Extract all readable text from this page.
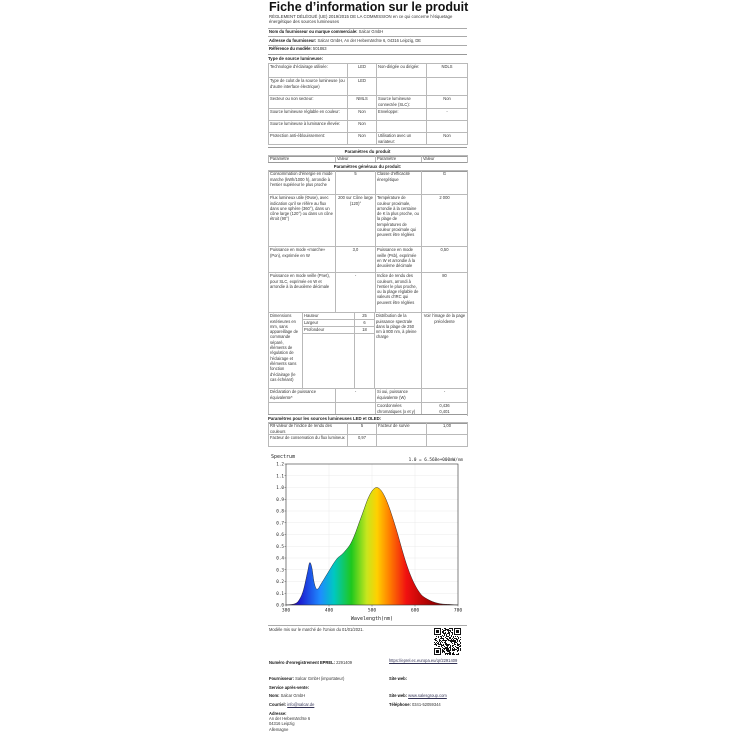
Fiche d’information sur le produit
RÈGLEMENT DÉLÉGUÉ (UE) 2019/2015 DE LA COMMISSION en ce qui concerne l’étiquetage énergétique des sources lumineuses
Nom du fournisseur ou marque commerciale: Salcar GmbH
Adresse du fournisseur: Salcar GmbH, An der Hebemärchte 6, 04316 Leipzig, DE
Référence du modèle: 501863
Type de source lumineuse:
Technologie d’éclairage utilisée:	LED	Non-dirigée ou dirigée:	NDLS
Type de culot de la source lumineuse (ou d’autre interface électrique)	LED		
Secteur ou non secteur:	NMLS	Source lumineuse connectée (SLC):	Non
Source lumineuse réglable en couleur:	Non	Enveloppe:	-
Source lumineuse à luminance élevée:	Non		
Protection anti-éblouissement:	Non	Utilisation avec un variateur:	Non
Paramètres du produit
Paramètre	Valeur	Paramètre	Valeur
Paramètres généraux du produit:
Consommation d’énergie en mode marche (kWh/1000 h), arrondie à l’entier supérieur le plus proche	5	Classe d’efficacité énergétique	G
Flux lumineux utile (Φuse), avec indication qu’il se réfère au flux dans une sphère (360°), dans un cône large (120°) ou dans un cône étroit (90°)	200 sur Cône large (120)°	Température de couleur proximale, arrondie à la centaine de K la plus proche, ou la plage de températures de couleur proximale qui peuvent être réglées	2 000
Puissance en mode «marche» (Pon), exprimée en W	3,0	Puissance en mode veille (Psb), exprimée en W et arrondie à la deuxième décimale	0,50
Puissance en mode veille (Pnet), pour SLC, exprimée en W et arrondie à la deuxième décimale	-	Indice de rendu des couleurs, arrondi à l’entier le plus proche, ou la plage réglable de valeurs d’IRC qui peuvent être réglées	80
Dimensions extérieures en mm, sans appareillage de commande séparé, éléments de régulation de l’éclairage et éléments sans fonction d’éclairage (le cas échéant)	Hauteur	25	Distribution de la puissance spectrale dans la plage de 250 nm à 800 nm, à pleine charge	Voir l’image de la page précédente
	Largeur	6		
	Profondeur	18		

Déclaration de puissance équivalente*	-	Si oui, puissance équivalente (W)	-
		Coordonnées chromatiques (x et y)	0,436
0,401
Paramètres pour les sources lumineuses LED et OLED:
R9 valeur de l’indice de rendu des couleurs	5	Facteur de survie	1,00
Facteur de conservation du flux lumineux	0,97		
Spectrum
1.0 = 6.568e+000mW/nm
0.0
0.1
0.2
0.3
0.4
0.5
0.6
0.7
0.8
0.9
1.0
1.1
1.2
380	480	580	680	780
Wavelength(nm)
Modèle mis sur le marché de l’Union du 01/01/2021.
Numéro d’enregistrement EPREL: 2291409	https://eprel.ec.europa.eu/qr/2291409
Fournisseur: Salcar GmbH (importateur)	Site web:
Service après-vente:
Nom: Salcar GmbH	Site web: www.salesgroup.com
Courriel: info@salcar.de	Téléphone: 0341-52059344
Adresse:
An der Hebemärchte 6
04316 Leipzig
Allemagne
